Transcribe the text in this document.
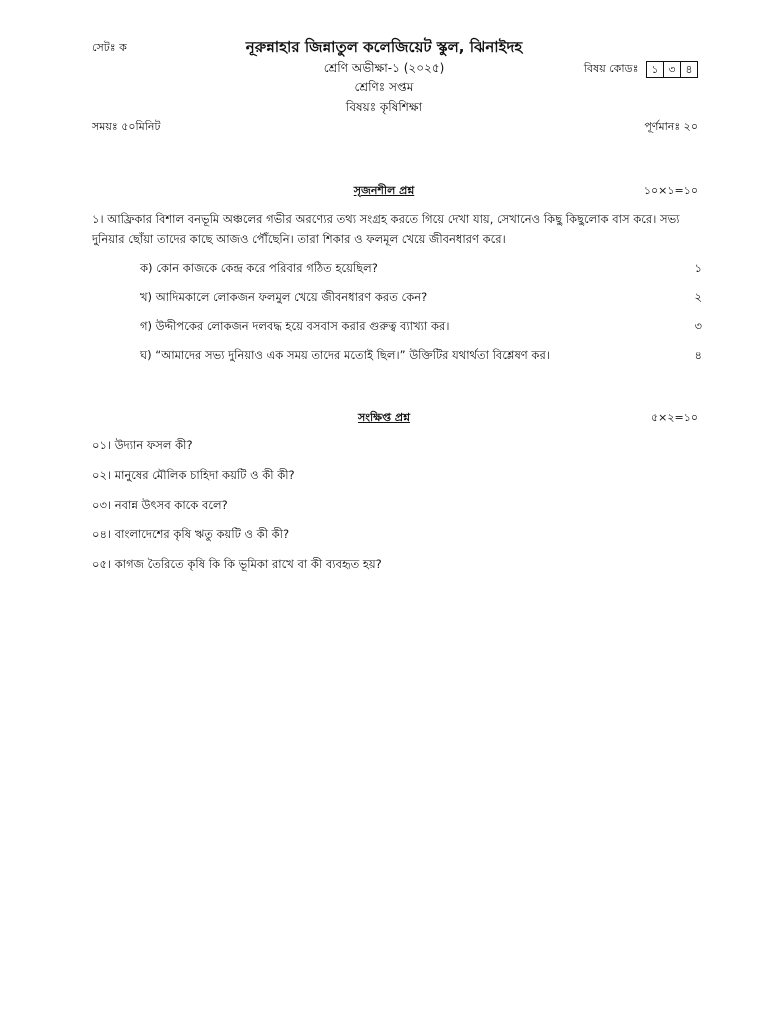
সেটঃ ক	নূরুন্নাহার জিন্নাতুল কলেজিয়েট স্কুল, ঝিনাইদহ
শ্রেণি অভীক্ষা-১ (২০২৫)	বিষয় কোডঃ	১ ৩ ৪
শ্রেণিঃ সপ্তম
বিষয়ঃ কৃষিশিক্ষা
সময়ঃ ৫০মিনিট	পূর্ণমানঃ ২০
সৃজনশীল প্রশ্ন	১০×১=১০
১। আফ্রিকার বিশাল বনভূমি অঞ্চলের গভীর অরণ্যের তথ্য সংগ্রহ করতে গিয়ে দেখা যায়, সেখানেও কিছু কিছুলোক বাস করে। সভ্য দুনিয়ার ছোঁয়া তাদের কাছে আজও পৌঁছেনি। তারা শিকার ও ফলমূল খেয়ে জীবনধারণ করে।
ক) কোন কাজকে কেন্দ্র করে পরিবার গঠিত হয়েছিল?	১
খ) আদিমকালে লোকজন ফলমুল খেয়ে জীবনধারণ করত কেন?	২
গ) উদ্দীপকের লোকজন দলবদ্ধ হয়ে বসবাস করার গুরুত্ব ব্যাখ্যা কর।	৩
ঘ) “আমাদের সভ্য দুনিয়াও এক সময় তাদের মতোই ছিল।” উক্তিটির যথার্থতা বিশ্লেষণ কর।	৪
সংক্ষিপ্ত প্রশ্ন	৫×২=১০
০১। উদ্যান ফসল কী?
০২। মানুষের মৌলিক চাহিদা কয়টি ও কী কী?
০৩। নবান্ন উৎসব কাকে বলে?
০৪। বাংলাদেশের কৃষি ঋতু কয়টি ও কী কী?
০৫। কাগজ তৈরিতে কৃষি কি কি ভূমিকা রাখে বা কী ব্যবহৃত হয়?
